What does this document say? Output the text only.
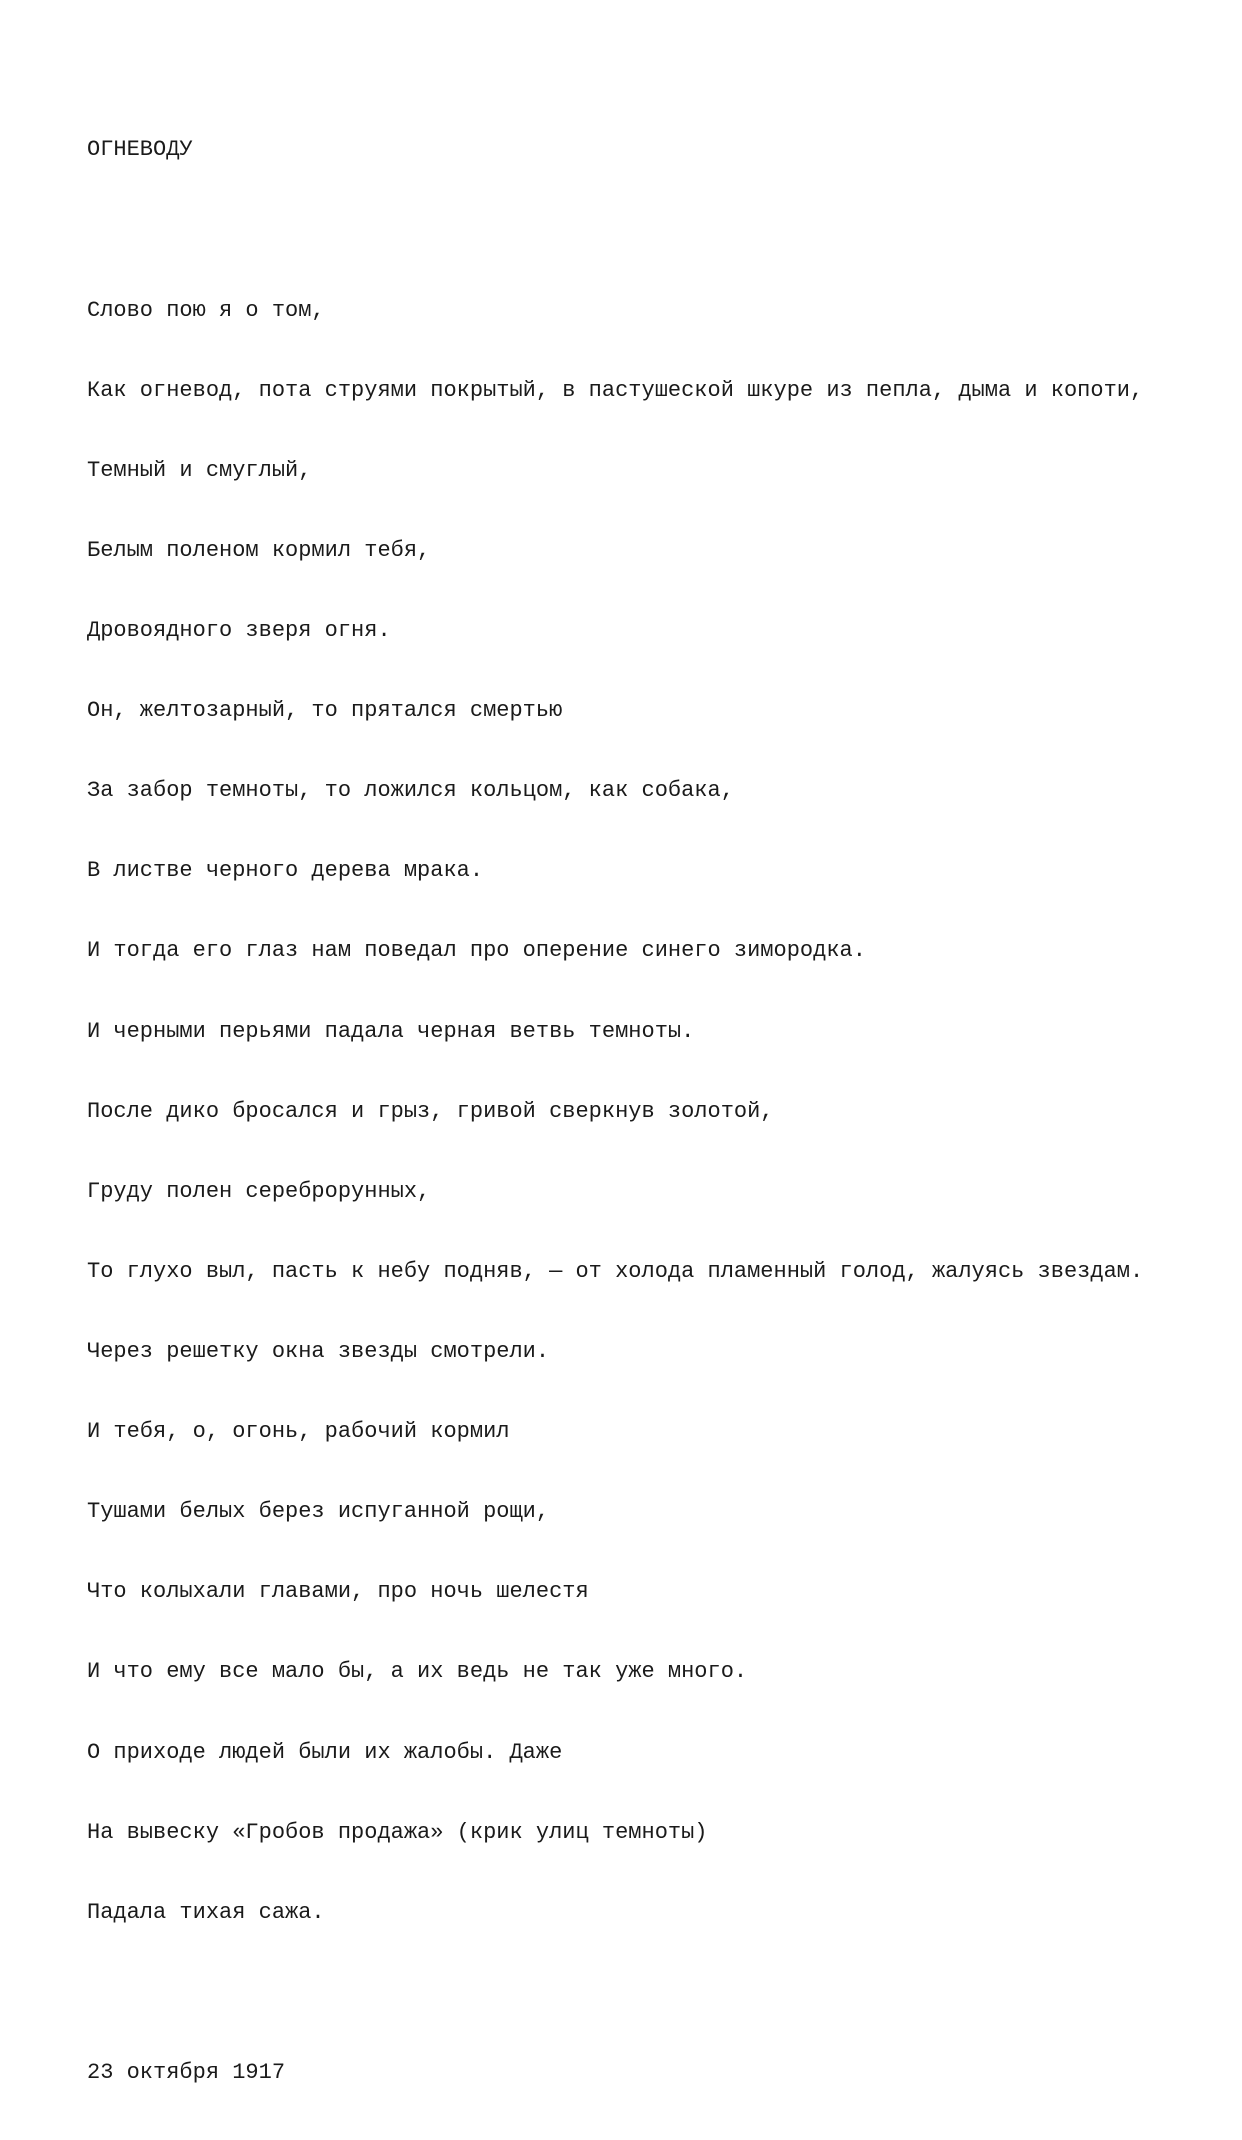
ОГНЕВОДУ

Слово пою я о том,

Как огневод, пота струями покрытый, в пастушеской шкуре из пепла, дыма и копоти,

Темный и смуглый,

Белым поленом кормил тебя,

Дровоядного зверя огня.

Он, желтозарный, то прятался смертью

За забор темноты, то ложился кольцом, как собака,

В листве черного дерева мрака.

И тогда его глаз нам поведал про оперение синего зимородка.

И черными перьями падала черная ветвь темноты.

После дико бросался и грыз, гривой сверкнув золотой,

Груду полен сереброрунных,

То глухо выл, пасть к небу подняв, — от холода пламенный голод, жалуясь звездам.

Через решетку окна звезды смотрели.

И тебя, о, огонь, рабочий кормил

Тушами белых берез испуганной рощи,

Что колыхали главами, про ночь шелестя

И что ему все мало бы, а их ведь не так уже много.

О приходе людей были их жалобы. Даже

На вывеску «Гробов продажа» (крик улиц темноты)

Падала тихая сажа.

23 октября 1917
